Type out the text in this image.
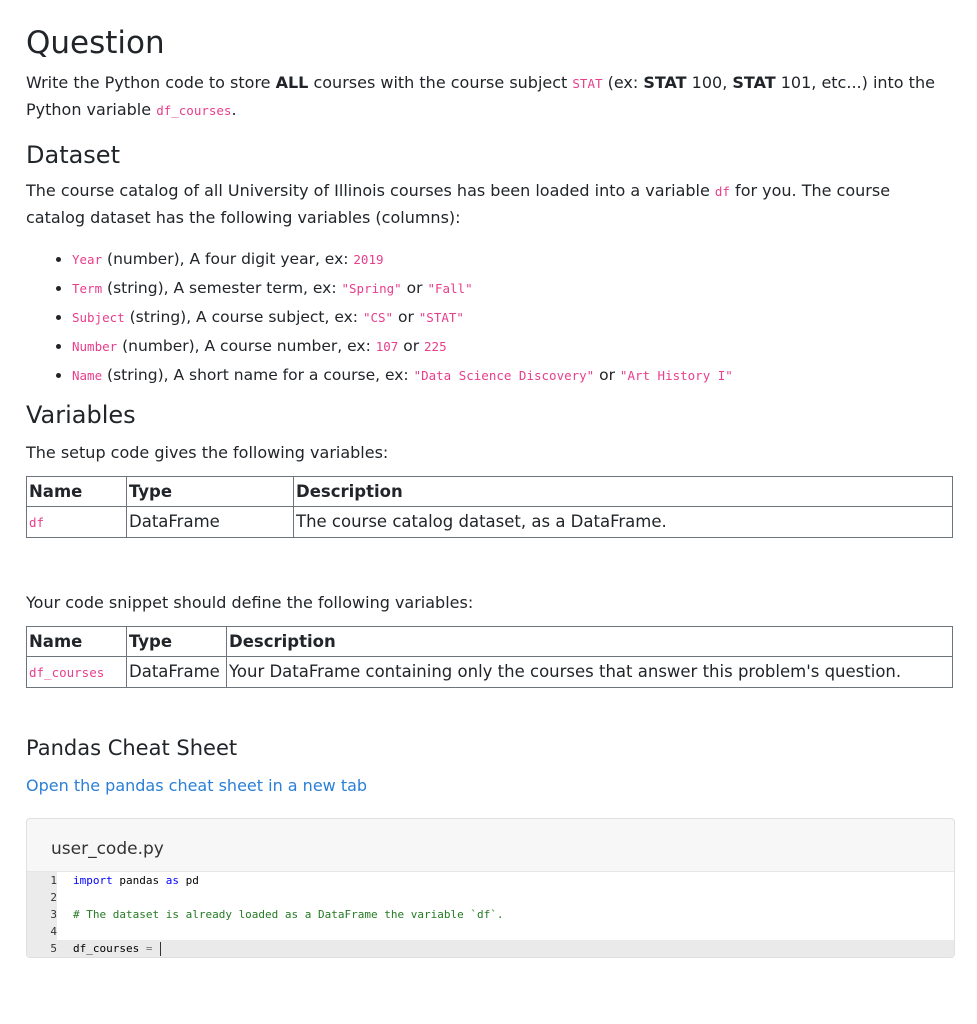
Question

Write the Python code to store ALL courses with the course subject STAT (ex: STAT 100, STAT 101, etc...) into the Python variable df_courses.

Dataset

The course catalog of all University of Illinois courses has been loaded into a variable df for you. The course catalog dataset has the following variables (columns):

• Year (number), A four digit year, ex: 2019
• Term (string), A semester term, ex: "Spring" or "Fall"
• Subject (string), A course subject, ex: "CS" or "STAT"
• Number (number), A course number, ex: 107 or 225
• Name (string), A short name for a course, ex: "Data Science Discovery" or "Art History I"
Variables

The setup code gives the following variables:

Name	Type	Description
df	DataFrame	The course catalog dataset, as a DataFrame.

Your code snippet should define the following variables:

Name	Type	Description
df_courses	DataFrame	Your DataFrame containing only the courses that answer this problem's question.
Pandas Cheat Sheet
Open the pandas cheat sheet in a new tab
user_code.py
1	import pandas as pd
2
3	# The dataset is already loaded as a DataFrame the variable `df`.
4
5	df_courses =
